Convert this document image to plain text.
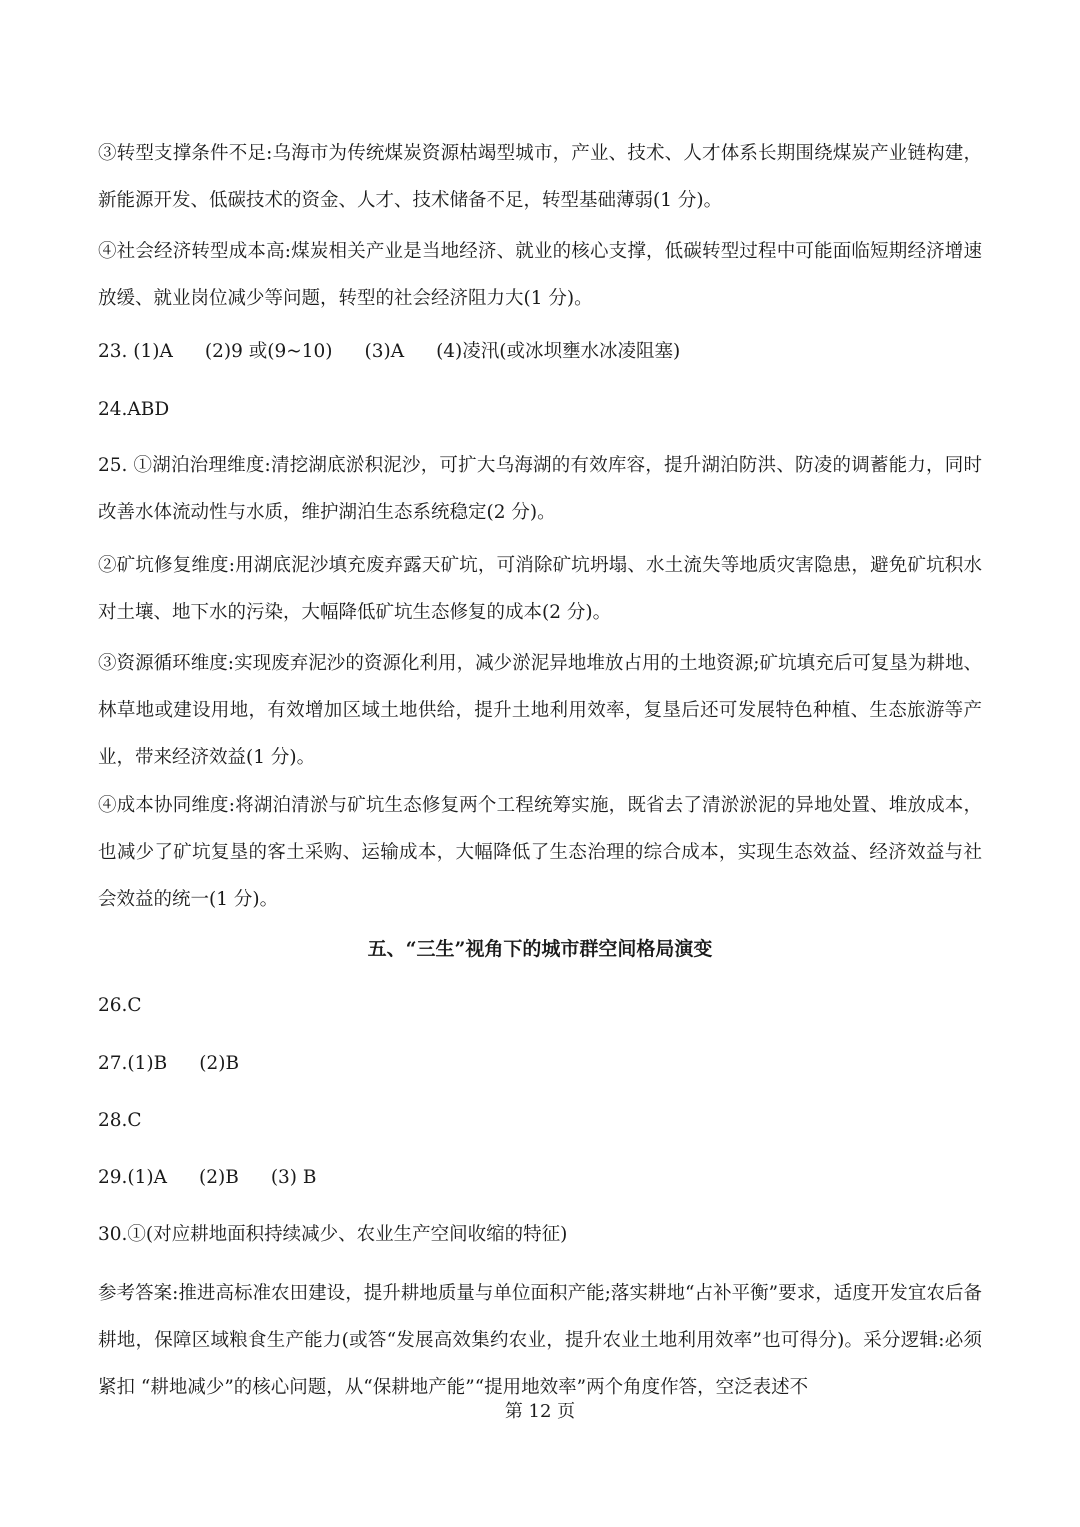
③转型支撑条件不足:乌海市为传统煤炭资源枯竭型城市，产业、技术、人才体系长期围绕煤炭产业链构建，新能源开发、低碳技术的资金、人才、技术储备不足，转型基础薄弱(1 分)。

④社会经济转型成本高:煤炭相关产业是当地经济、就业的核心支撑，低碳转型过程中可能面临短期经济增速放缓、就业岗位减少等问题，转型的社会经济阻力大(1 分)。

23. (1)A (2)9 或(9~10) (3)A (4)凌汛(或冰坝壅水冰凌阻塞)

24.ABD

25. ①湖泊治理维度:清挖湖底淤积泥沙，可扩大乌海湖的有效库容，提升湖泊防洪、防凌的调蓄能力，同时改善水体流动性与水质，维护湖泊生态系统稳定(2 分)。

②矿坑修复维度:用湖底泥沙填充废弃露天矿坑，可消除矿坑坍塌、水土流失等地质灾害隐患，避免矿坑积水对土壤、地下水的污染，大幅降低矿坑生态修复的成本(2 分)。

③资源循环维度:实现废弃泥沙的资源化利用，减少淤泥异地堆放占用的土地资源;矿坑填充后可复垦为耕地、林草地或建设用地，有效增加区域土地供给，提升土地利用效率，复垦后还可发展特色种植、生态旅游等产业，带来经济效益(1 分)。

④成本协同维度:将湖泊清淤与矿坑生态修复两个工程统筹实施，既省去了清淤淤泥的异地处置、堆放成本，也减少了矿坑复垦的客土采购、运输成本，大幅降低了生态治理的综合成本，实现生态效益、经济效益与社会效益的统一(1 分)。

五、“三生”视角下的城市群空间格局演变

26.C

27.(1)B (2)B

28.C

29.(1)A (2)B (3) B

30.①(对应耕地面积持续减少、农业生产空间收缩的特征)

参考答案:推进高标准农田建设，提升耕地质量与单位面积产能;落实耕地“占补平衡”要求，适度开发宜农后备耕地，保障区域粮食生产能力(或答“发展高效集约农业，提升农业土地利用效率”也可得分)。采分逻辑:必须紧扣 “耕地减少”的核心问题，从“保耕地产能”“提用地效率”两个角度作答，空泛表述不

第 12 页
